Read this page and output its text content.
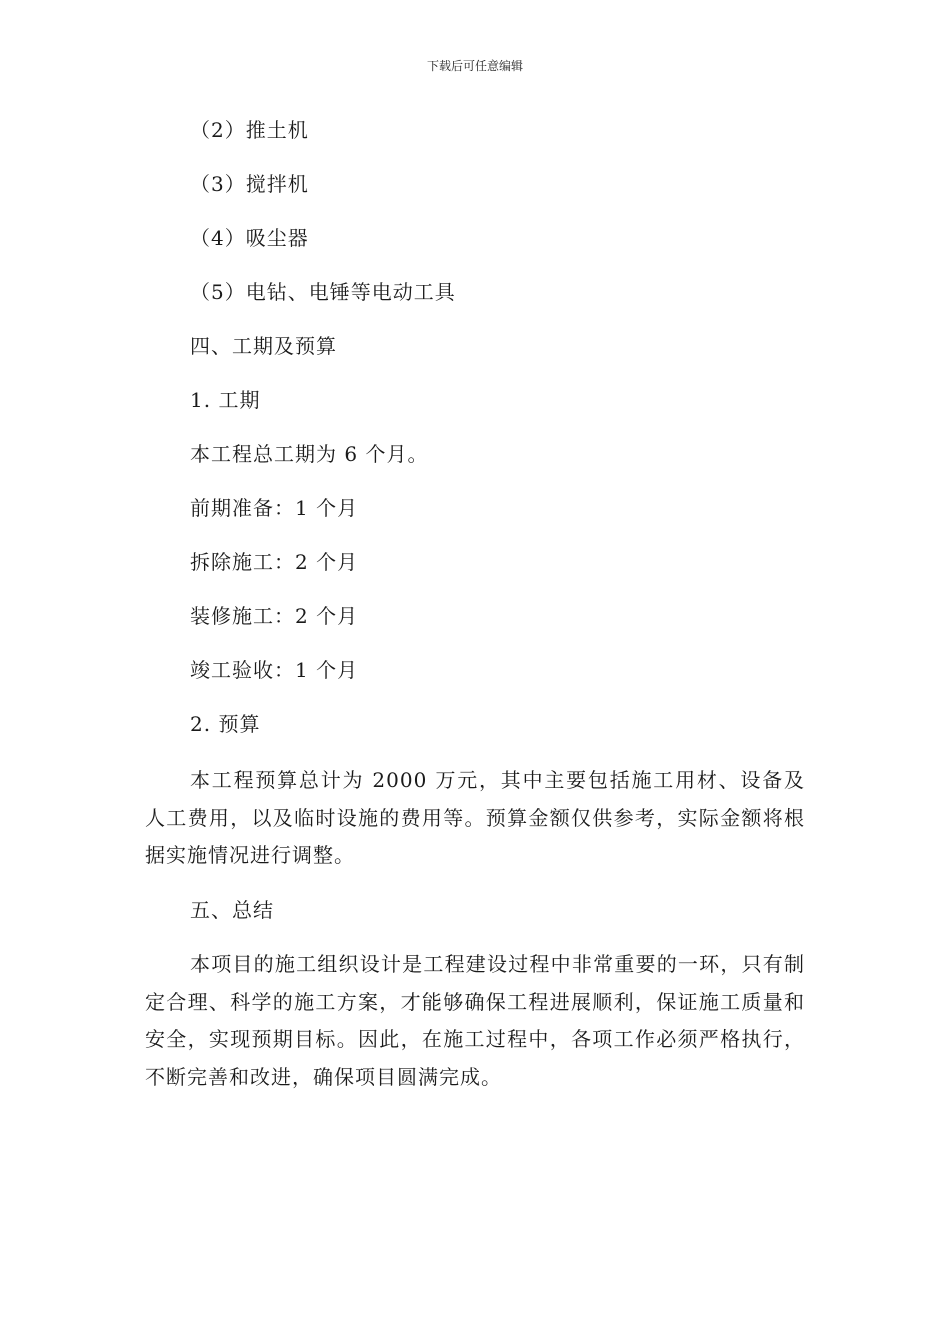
下载后可任意编辑
（2）推土机
（3）搅拌机
（4）吸尘器
（5）电钻、电锤等电动工具
四、工期及预算
1. 工期
本工程总工期为 6 个月。
前期准备：1 个月
拆除施工：2 个月
装修施工：2 个月
竣工验收：1 个月
2. 预算
本工程预算总计为 2000 万元，其中主要包括施工用材、设备及人工费用，以及临时设施的费用等。预算金额仅供参考，实际金额将根据实施情况进行调整。
五、总结
本项目的施工组织设计是工程建设过程中非常重要的一环，只有制定合理、科学的施工方案，才能够确保工程进展顺利，保证施工质量和安全，实现预期目标。因此，在施工过程中，各项工作必须严格执行，不断完善和改进，确保项目圆满完成。
